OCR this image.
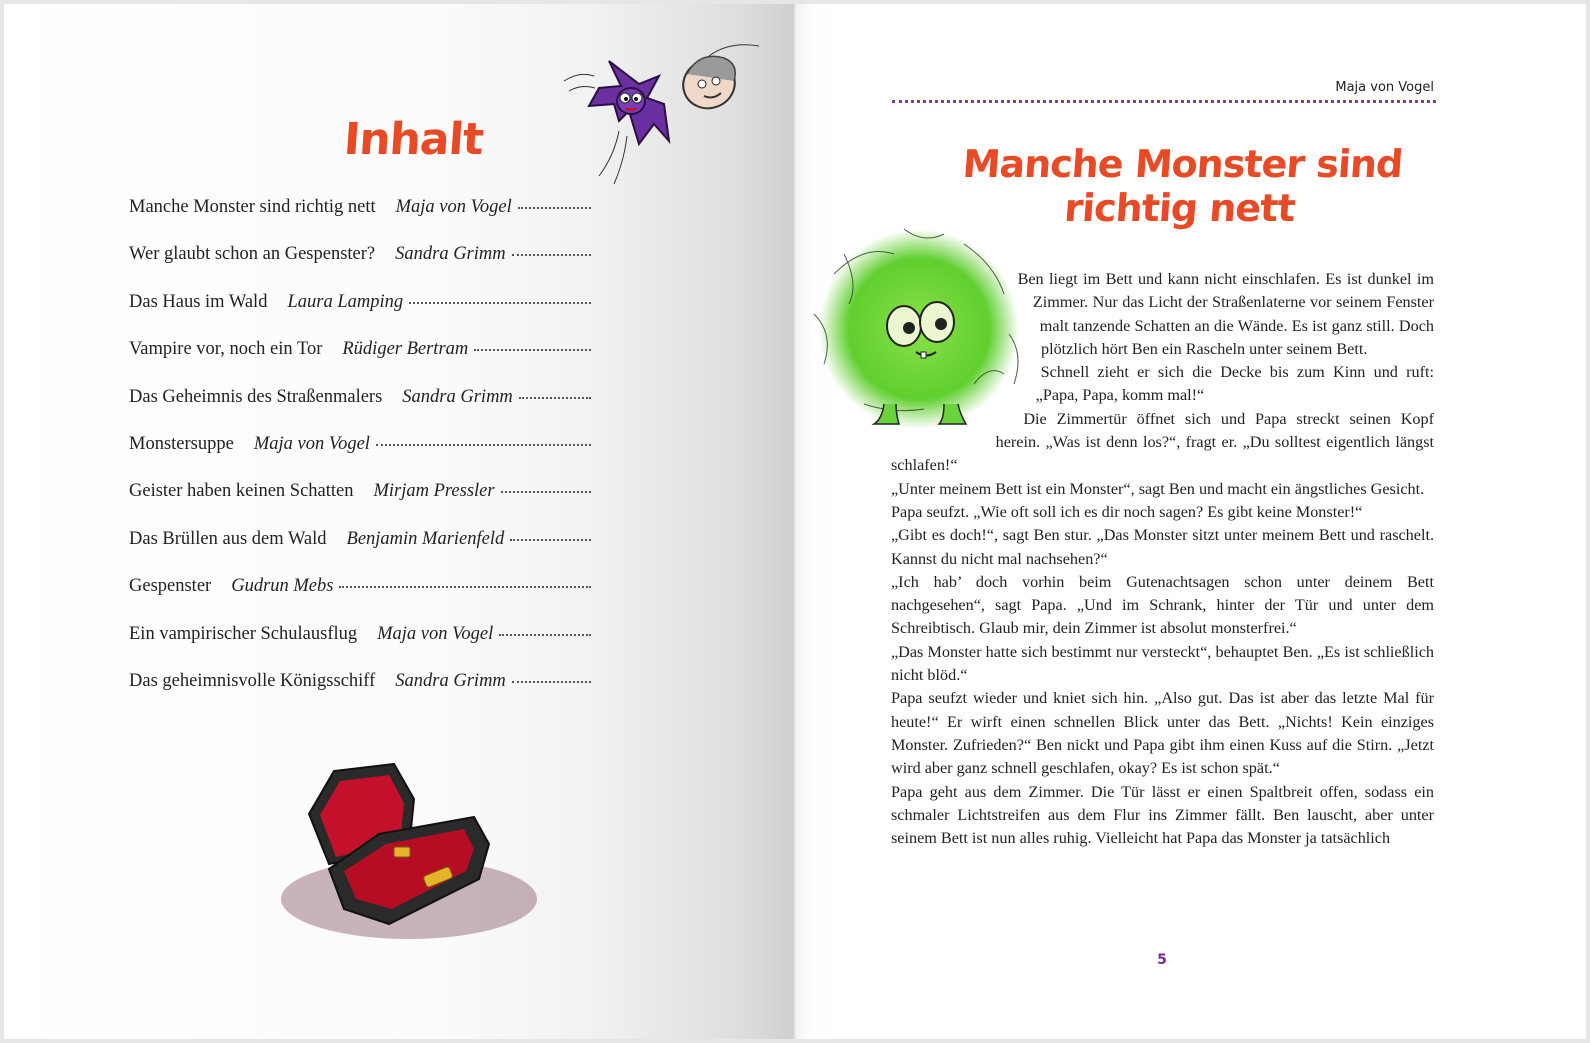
Inhalt
Manche Monster sind richtig nett Maja von Vogel
Wer glaubt schon an Gespenster? Sandra Grimm
Das Haus im Wald Laura Lamping
Vampire vor, noch ein Tor Rüdiger Bertram
Das Geheimnis des Straßenmalers Sandra Grimm
Monstersuppe Maja von Vogel
Geister haben keinen Schatten Mirjam Pressler
Das Brüllen aus dem Wald Benjamin Marienfeld
Gespenster Gudrun Mebs
Ein vampirischer Schulausflug Maja von Vogel
Das geheimnisvolle Königsschiff Sandra Grimm
Maja von Vogel
Manche Monster sind richtig nett

Ben liegt im Bett und kann nicht einschlafen. Es ist dunkel im Zimmer. Nur das Licht der Straßenlaterne vor seinem Fenster malt tanzende Schatten an die Wände. Es ist ganz still. Doch plötzlich hört Ben ein Rascheln unter seinem Bett.

Schnell zieht er sich die Decke bis zum Kinn und ruft: „Papa, Papa, komm mal!“

Die Zimmertür öffnet sich und Papa streckt seinen Kopf herein. „Was ist denn los?“, fragt er. „Du solltest eigentlich längst schlafen!“

„Unter meinem Bett ist ein Monster“, sagt Ben und macht ein ängstliches Gesicht.

Papa seufzt. „Wie oft soll ich es dir noch sagen? Es gibt keine Monster!“

„Gibt es doch!“, sagt Ben stur. „Das Monster sitzt unter meinem Bett und raschelt. Kannst du nicht mal nachsehen?“

„Ich hab’ doch vorhin beim Gutenachtsagen schon unter deinem Bett nachgesehen“, sagt Papa. „Und im Schrank, hinter der Tür und unter dem Schreibtisch. Glaub mir, dein Zimmer ist absolut monsterfrei.“

„Das Monster hatte sich bestimmt nur versteckt“, behauptet Ben. „Es ist schließlich nicht blöd.“

Papa seufzt wieder und kniet sich hin. „Also gut. Das ist aber das letzte Mal für heute!“ Er wirft einen schnellen Blick unter das Bett. „Nichts! Kein einziges Monster. Zufrieden?“ Ben nickt und Papa gibt ihm einen Kuss auf die Stirn. „Jetzt wird aber ganz schnell geschlafen, okay? Es ist schon spät.“

Papa geht aus dem Zimmer. Die Tür lässt er einen Spaltbreit offen, sodass ein schmaler Lichtstreifen aus dem Flur ins Zimmer fällt. Ben lauscht, aber unter seinem Bett ist nun alles ruhig. Vielleicht hat Papa das Monster ja tatsächlich

5
